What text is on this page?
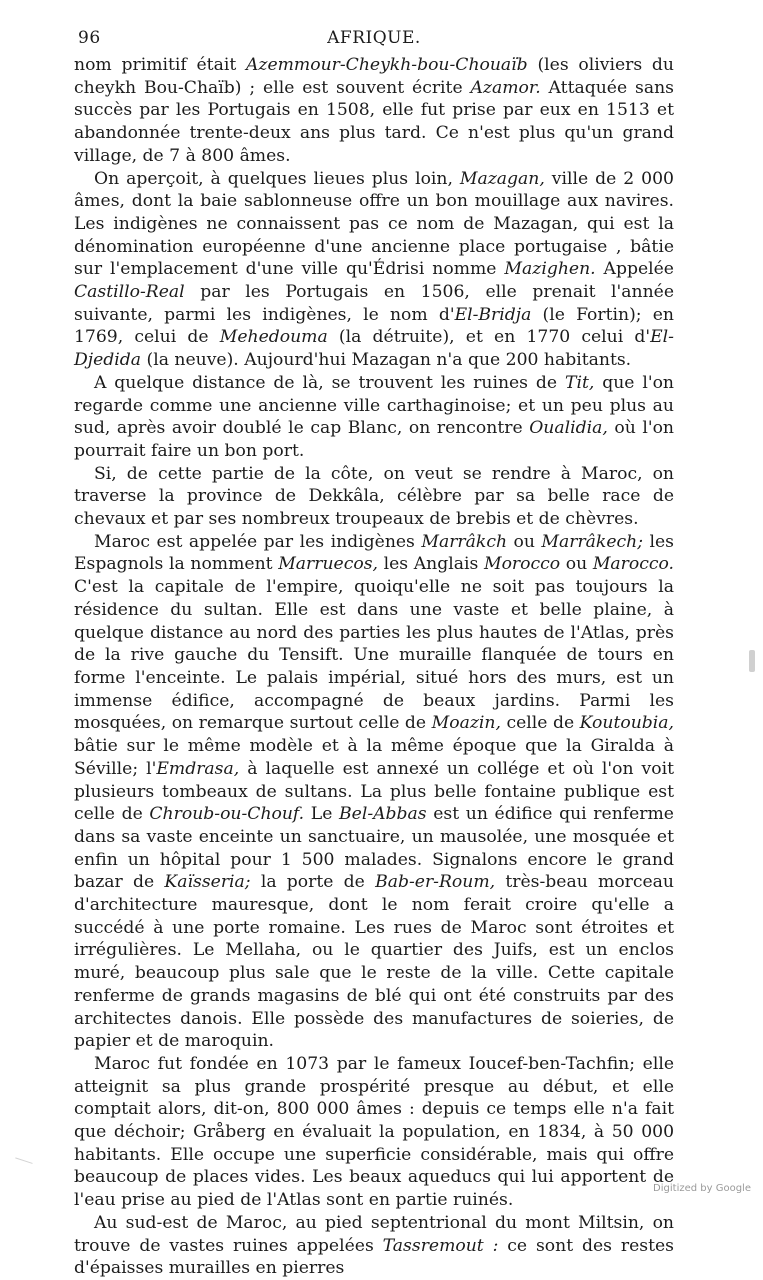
96	AFRIQUE.

nom primitif était Azemmour-Cheykh-bou-Chouaïb (les oliviers du cheykh Bou-Chaïb) ; elle est souvent écrite Azamor. Attaquée sans succès par les Portugais en 1508, elle fut prise par eux en 1513 et abandonnée trente-deux ans plus tard. Ce n'est plus qu'un grand village, de 7 à 800 âmes.

On aperçoit, à quelques lieues plus loin, Mazagan, ville de 2 000 âmes, dont la baie sablonneuse offre un bon mouillage aux navires. Les indigènes ne connaissent pas ce nom de Mazagan, qui est la dénomination européenne d'une ancienne place portugaise , bâtie sur l'emplacement d'une ville qu'Édrisi nomme Mazighen. Appelée Castillo-Real par les Portugais en 1506, elle prenait l'année suivante, parmi les indigènes, le nom d'El-Bridja (le Fortin); en 1769, celui de Mehedouma (la détruite), et en 1770 celui d'El-Djedida (la neuve). Aujourd'hui Mazagan n'a que 200 habitants.

A quelque distance de là, se trouvent les ruines de Tit, que l'on regarde comme une ancienne ville carthaginoise; et un peu plus au sud, après avoir doublé le cap Blanc, on rencontre Oualidia, où l'on pourrait faire un bon port.

Si, de cette partie de la côte, on veut se rendre à Maroc, on traverse la province de Dekkâla, célèbre par sa belle race de chevaux et par ses nombreux troupeaux de brebis et de chèvres.

Maroc est appelée par les indigènes Marrâkch ou Marrâkech; les Espagnols la nomment Marruecos, les Anglais Morocco ou Marocco. C'est la capitale de l'empire, quoiqu'elle ne soit pas toujours la résidence du sultan. Elle est dans une vaste et belle plaine, à quelque distance au nord des parties les plus hautes de l'Atlas, près de la rive gauche du Tensift. Une muraille flanquée de tours en forme l'enceinte. Le palais impérial, situé hors des murs, est un immense édifice, accompagné de beaux jardins. Parmi les mosquées, on remarque surtout celle de Moazin, celle de Koutoubia, bâtie sur le même modèle et à la même époque que la Giralda à Séville; l'Emdrasa, à laquelle est annexé un collége et où l'on voit plusieurs tombeaux de sultans. La plus belle fontaine publique est celle de Chroub-ou-Chouf. Le Bel-Abbas est un édifice qui renferme dans sa vaste enceinte un sanctuaire, un mausolée, une mosquée et enfin un hôpital pour 1 500 malades. Signalons encore le grand bazar de Kaïsseria; la porte de Bab-er-Roum, très-beau morceau d'architecture mauresque, dont le nom ferait croire qu'elle a succédé à une porte romaine. Les rues de Maroc sont étroites et irrégulières. Le Mellaha, ou le quartier des Juifs, est un enclos muré, beaucoup plus sale que le reste de la ville. Cette capitale renferme de grands magasins de blé qui ont été construits par des architectes danois. Elle possède des manufactures de soieries, de papier et de maroquin.

Maroc fut fondée en 1073 par le fameux Ioucef-ben-Tachfin; elle atteignit sa plus grande prospérité presque au début, et elle comptait alors, dit-on, 800 000 âmes : depuis ce temps elle n'a fait que déchoir; Gråberg en évaluait la population, en 1834, à 50 000 habitants. Elle occupe une superficie considérable, mais qui offre beaucoup de places vides. Les beaux aqueducs qui lui apportent de l'eau prise au pied de l'Atlas sont en partie ruinés.

Au sud-est de Maroc, au pied septentrional du mont Miltsin, on trouve de vastes ruines appelées Tassremout : ce sont des restes d'épaisses murailles en pierres

Digitized by Google
